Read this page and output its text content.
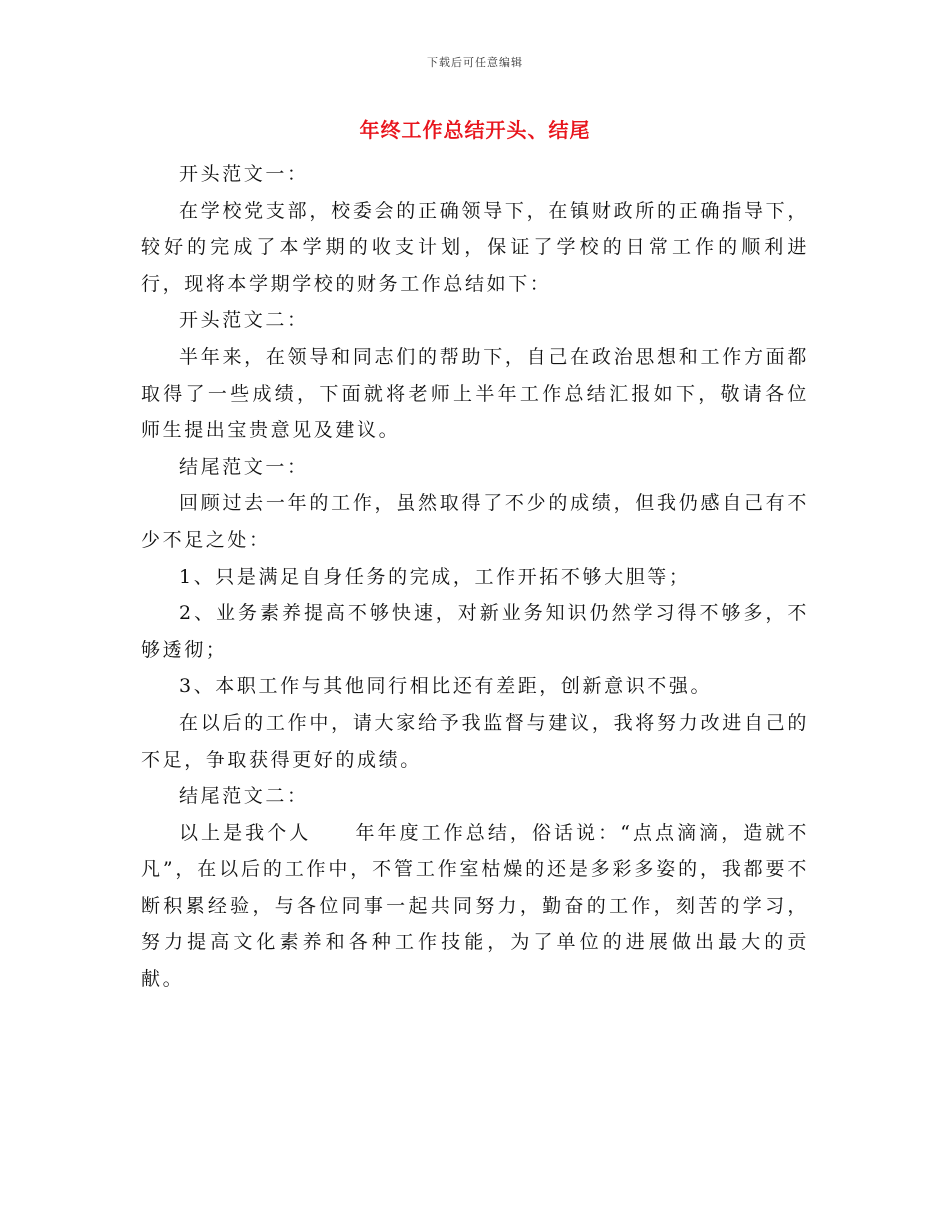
下载后可任意编辑
年终工作总结开头、结尾

开头范文一：

在学校党支部，校委会的正确领导下，在镇财政所的正确指导下，较好的完成了本学期的收支计划，保证了学校的日常工作的顺利进行，现将本学期学校的财务工作总结如下：

开头范文二：

半年来，在领导和同志们的帮助下，自己在政治思想和工作方面都取得了一些成绩，下面就将老师上半年工作总结汇报如下，敬请各位师生提出宝贵意见及建议。

结尾范文一：

回顾过去一年的工作，虽然取得了不少的成绩，但我仍感自己有不少不足之处：

1、只是满足自身任务的完成，工作开拓不够大胆等；

2、业务素养提高不够快速，对新业务知识仍然学习得不够多，不够透彻；

3、本职工作与其他同行相比还有差距，创新意识不强。

在以后的工作中，请大家给予我监督与建议，我将努力改进自己的不足，争取获得更好的成绩。

结尾范文二：

以上是我个人　　年年度工作总结，俗话说：“点点滴滴，造就不凡”，在以后的工作中，不管工作室枯燥的还是多彩多姿的，我都要不断积累经验，与各位同事一起共同努力，勤奋的工作，刻苦的学习，努力提高文化素养和各种工作技能，为了单位的进展做出最大的贡献。
